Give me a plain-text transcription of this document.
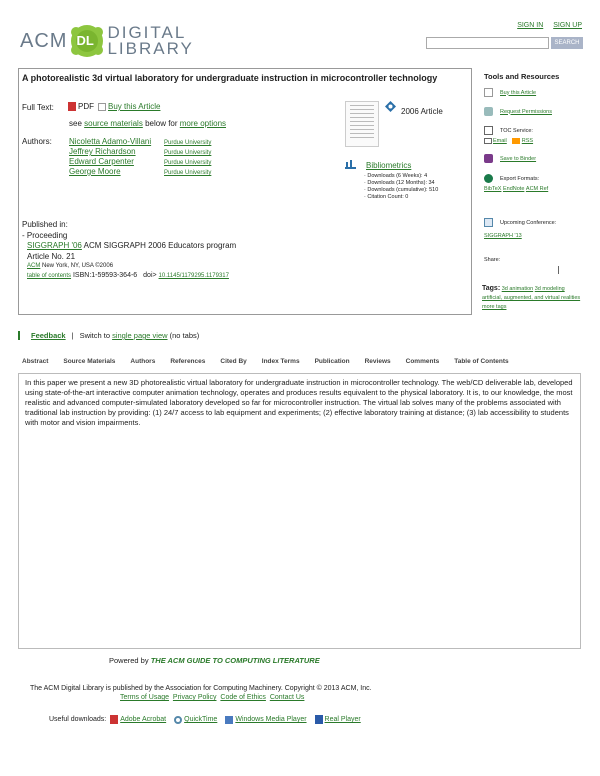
ACM DL DIGITAL
LIBRARY
SIGN IN SIGN UP
SEARCH
A photorealistic 3d virtual laboratory for undergraduate instruction in microcontroller technology
Full Text:	PDF Buy this Article
see source materials below for more options
Authors: Nicoletta Adamo-Villani Purdue University
Jeffrey Richardson	Purdue University
Edward Carpenter	Purdue University
George Moore	Purdue University
2006 Article
Bibliometrics
· Downloads (6 Weeks): 4
· Downloads (12 Months): 34
· Downloads (cumulative): 510
· Citation Count: 0
Published in:
- Proceeding
SIGGRAPH '06 ACM SIGGRAPH 2006 Educators program
Article No. 21
ACM New York, NY, USA ©2006
table of contents ISBN:1-59593-364-6 doi> 10.1145/1179295.1179317
Tools and Resources
Buy this Article
Request Permissions
TOC Service:
Email	RSS
Save to Binder
Export Formats:
BibTeX
EndNote
ACM Ref
Upcoming Conference:
SIGGRAPH '13
Share:
Tags: 3d animation 3d modeling artificial, augmented, and virtual realities more tags
Feedback | Switch to
single page view
(no tabs)
Abstract Source Materials Authors References Cited By Index Terms Publication Reviews Comments Table of Contents
In this paper we present a new 3D photorealistic virtual laboratory for undergraduate instruction in microcontroller technology. The web/CD deliverable lab, developed using state-of-the-art interactive computer animation technology, operates and produces results equivalent to the physical laboratory. It is, to our knowledge, the most realistic and advanced computer-simulated laboratory developed so far for microcontroller instruction. The virtual lab solves many of the problems associated with traditional lab instruction by providing: (1) 24/7 access to lab equipment and experiments; (2) effective laboratory training at distance; (3) lab accessibility to students with motor and vision impairments.
Powered by THE ACM GUIDE TO COMPUTING LITERATURE
The ACM Digital Library is published by the Association for Computing Machinery. Copyright © 2013 ACM, Inc.
Terms of Usage Privacy Policy Code of Ethics Contact Us
Useful downloads: Adobe Acrobat	QuickTime	Windows Media Player	Real Player
